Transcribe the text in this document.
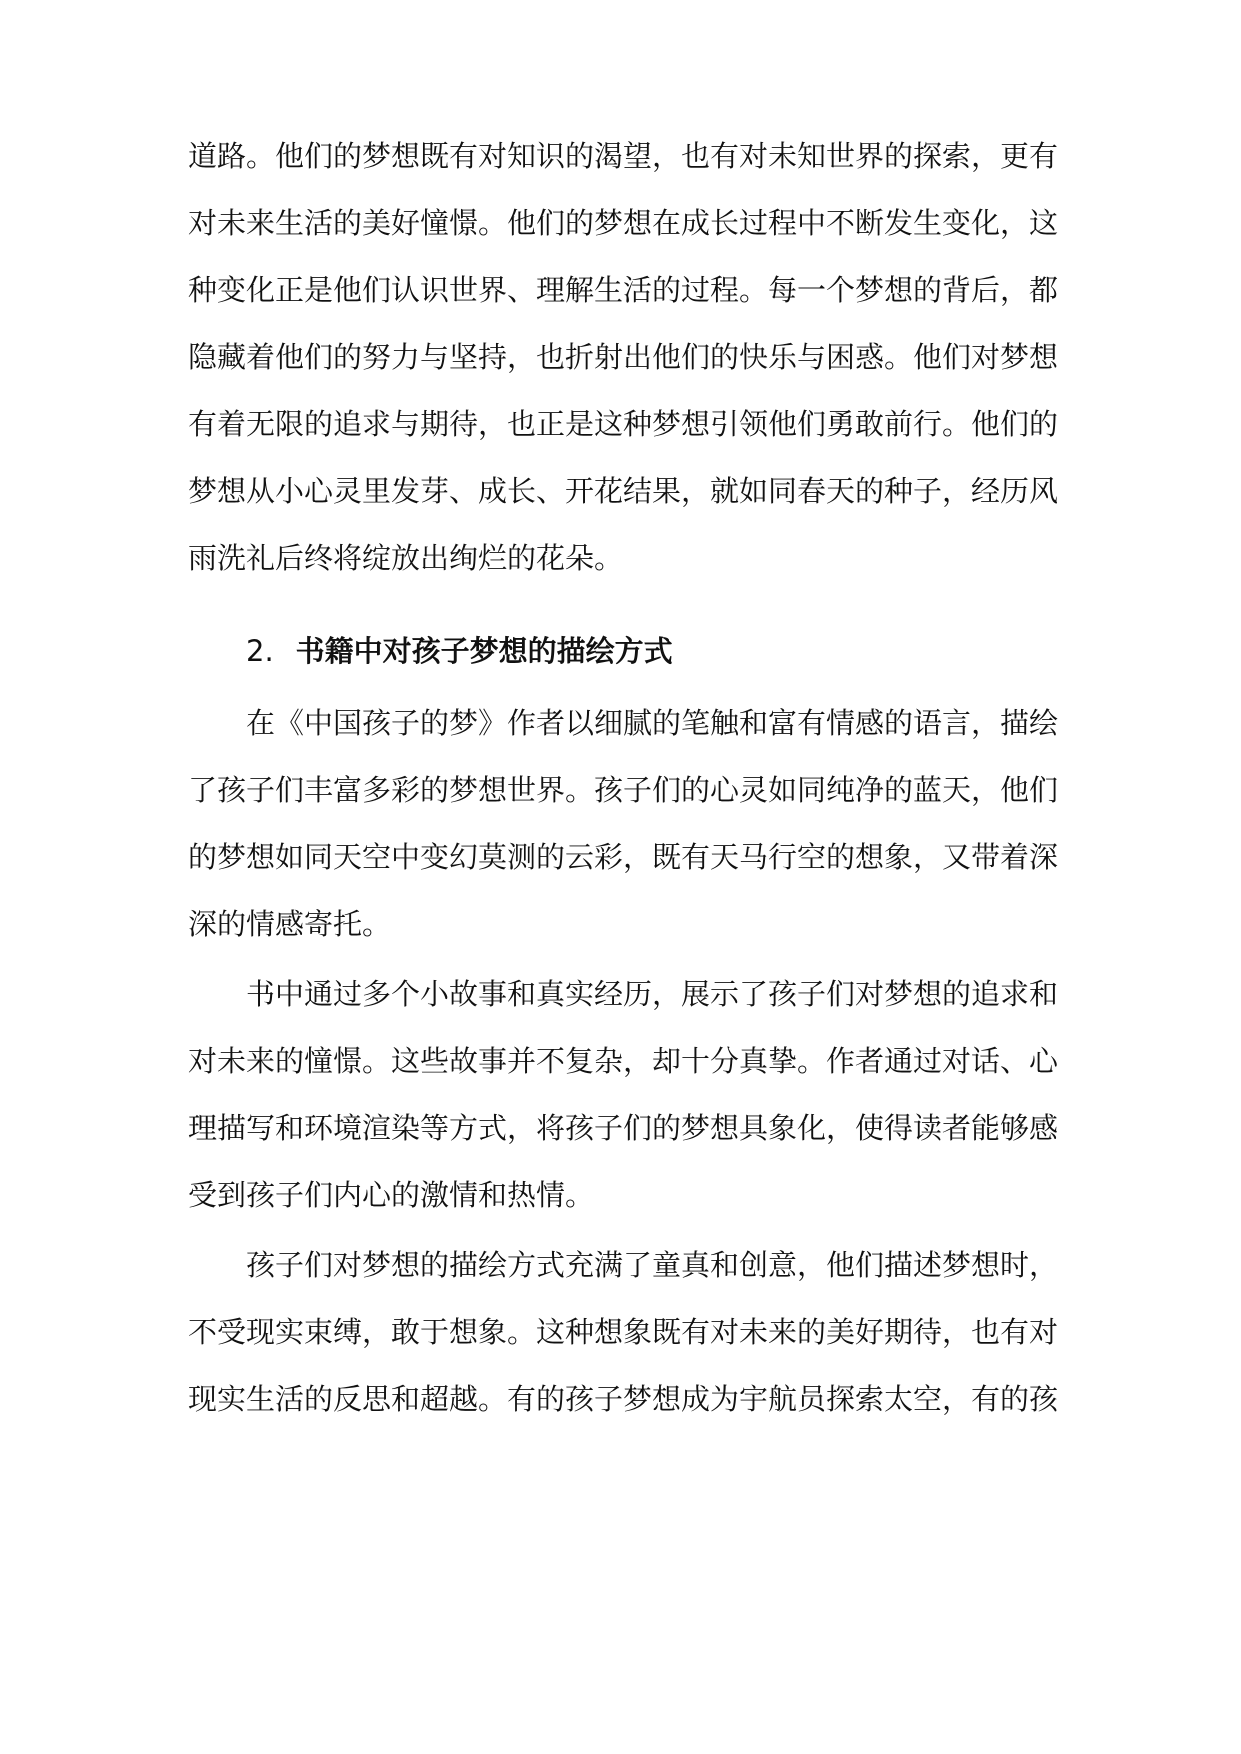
道路。他们的梦想既有对知识的渴望，也有对未知世界的探索，更有
对未来生活的美好憧憬。他们的梦想在成长过程中不断发生变化，这
种变化正是他们认识世界、理解生活的过程。每一个梦想的背后，都
隐藏着他们的努力与坚持，也折射出他们的快乐与困惑。他们对梦想
有着无限的追求与期待，也正是这种梦想引领他们勇敢前行。他们的
梦想从小心灵里发芽、成长、开花结果，就如同春天的种子，经历风
雨洗礼后终将绽放出绚烂的花朵。
2. 书籍中对孩子梦想的描绘方式
在《中国孩子的梦》作者以细腻的笔触和富有情感的语言，描绘
了孩子们丰富多彩的梦想世界。孩子们的心灵如同纯净的蓝天，他们
的梦想如同天空中变幻莫测的云彩，既有天马行空的想象，又带着深
深的情感寄托。
书中通过多个小故事和真实经历，展示了孩子们对梦想的追求和
对未来的憧憬。这些故事并不复杂，却十分真挚。作者通过对话、心
理描写和环境渲染等方式，将孩子们的梦想具象化，使得读者能够感
受到孩子们内心的激情和热情。
孩子们对梦想的描绘方式充满了童真和创意，他们描述梦想时，
不受现实束缚，敢于想象。这种想象既有对未来的美好期待，也有对
现实生活的反思和超越。有的孩子梦想成为宇航员探索太空，有的孩
